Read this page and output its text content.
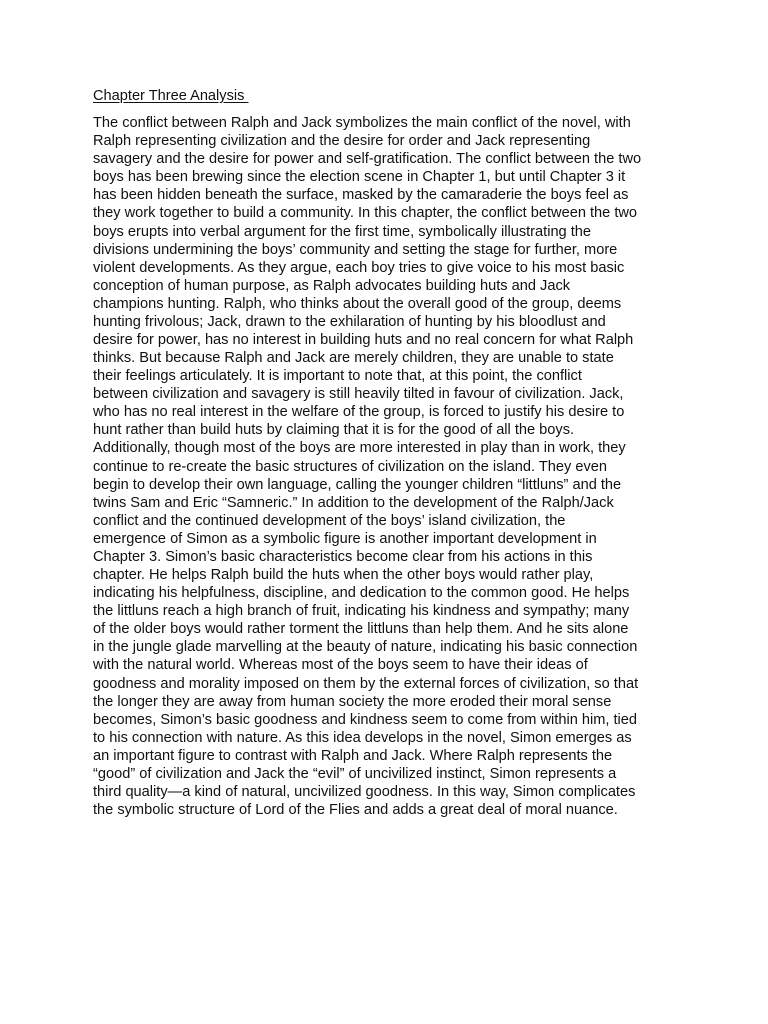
Chapter Three Analysis
The conflict between Ralph and Jack symbolizes the main conflict of the novel, with
Ralph representing civilization and the desire for order and Jack representing
savagery and the desire for power and self-gratification. The conflict between the two
boys has been brewing since the election scene in Chapter 1, but until Chapter 3 it
has been hidden beneath the surface, masked by the camaraderie the boys feel as
they work together to build a community. In this chapter, the conflict between the two
boys erupts into verbal argument for the first time, symbolically illustrating the
divisions undermining the boys’ community and setting the stage for further, more
violent developments. As they argue, each boy tries to give voice to his most basic
conception of human purpose, as Ralph advocates building huts and Jack
champions hunting. Ralph, who thinks about the overall good of the group, deems
hunting frivolous; Jack, drawn to the exhilaration of hunting by his bloodlust and
desire for power, has no interest in building huts and no real concern for what Ralph
thinks. But because Ralph and Jack are merely children, they are unable to state
their feelings articulately. It is important to note that, at this point, the conflict
between civilization and savagery is still heavily tilted in favour of civilization. Jack,
who has no real interest in the welfare of the group, is forced to justify his desire to
hunt rather than build huts by claiming that it is for the good of all the boys.
Additionally, though most of the boys are more interested in play than in work, they
continue to re-create the basic structures of civilization on the island. They even
begin to develop their own language, calling the younger children “littluns” and the
twins Sam and Eric “Samneric.” In addition to the development of the Ralph/Jack
conflict and the continued development of the boys’ island civilization, the
emergence of Simon as a symbolic figure is another important development in
Chapter 3. Simon’s basic characteristics become clear from his actions in this
chapter. He helps Ralph build the huts when the other boys would rather play,
indicating his helpfulness, discipline, and dedication to the common good. He helps
the littluns reach a high branch of fruit, indicating his kindness and sympathy; many
of the older boys would rather torment the littluns than help them. And he sits alone
in the jungle glade marvelling at the beauty of nature, indicating his basic connection
with the natural world. Whereas most of the boys seem to have their ideas of
goodness and morality imposed on them by the external forces of civilization, so that
the longer they are away from human society the more eroded their moral sense
becomes, Simon’s basic goodness and kindness seem to come from within him, tied
to his connection with nature. As this idea develops in the novel, Simon emerges as
an important figure to contrast with Ralph and Jack. Where Ralph represents the
“good” of civilization and Jack the “evil” of uncivilized instinct, Simon represents a
third quality—a kind of natural, uncivilized goodness. In this way, Simon complicates
the symbolic structure of Lord of the Flies and adds a great deal of moral nuance.
